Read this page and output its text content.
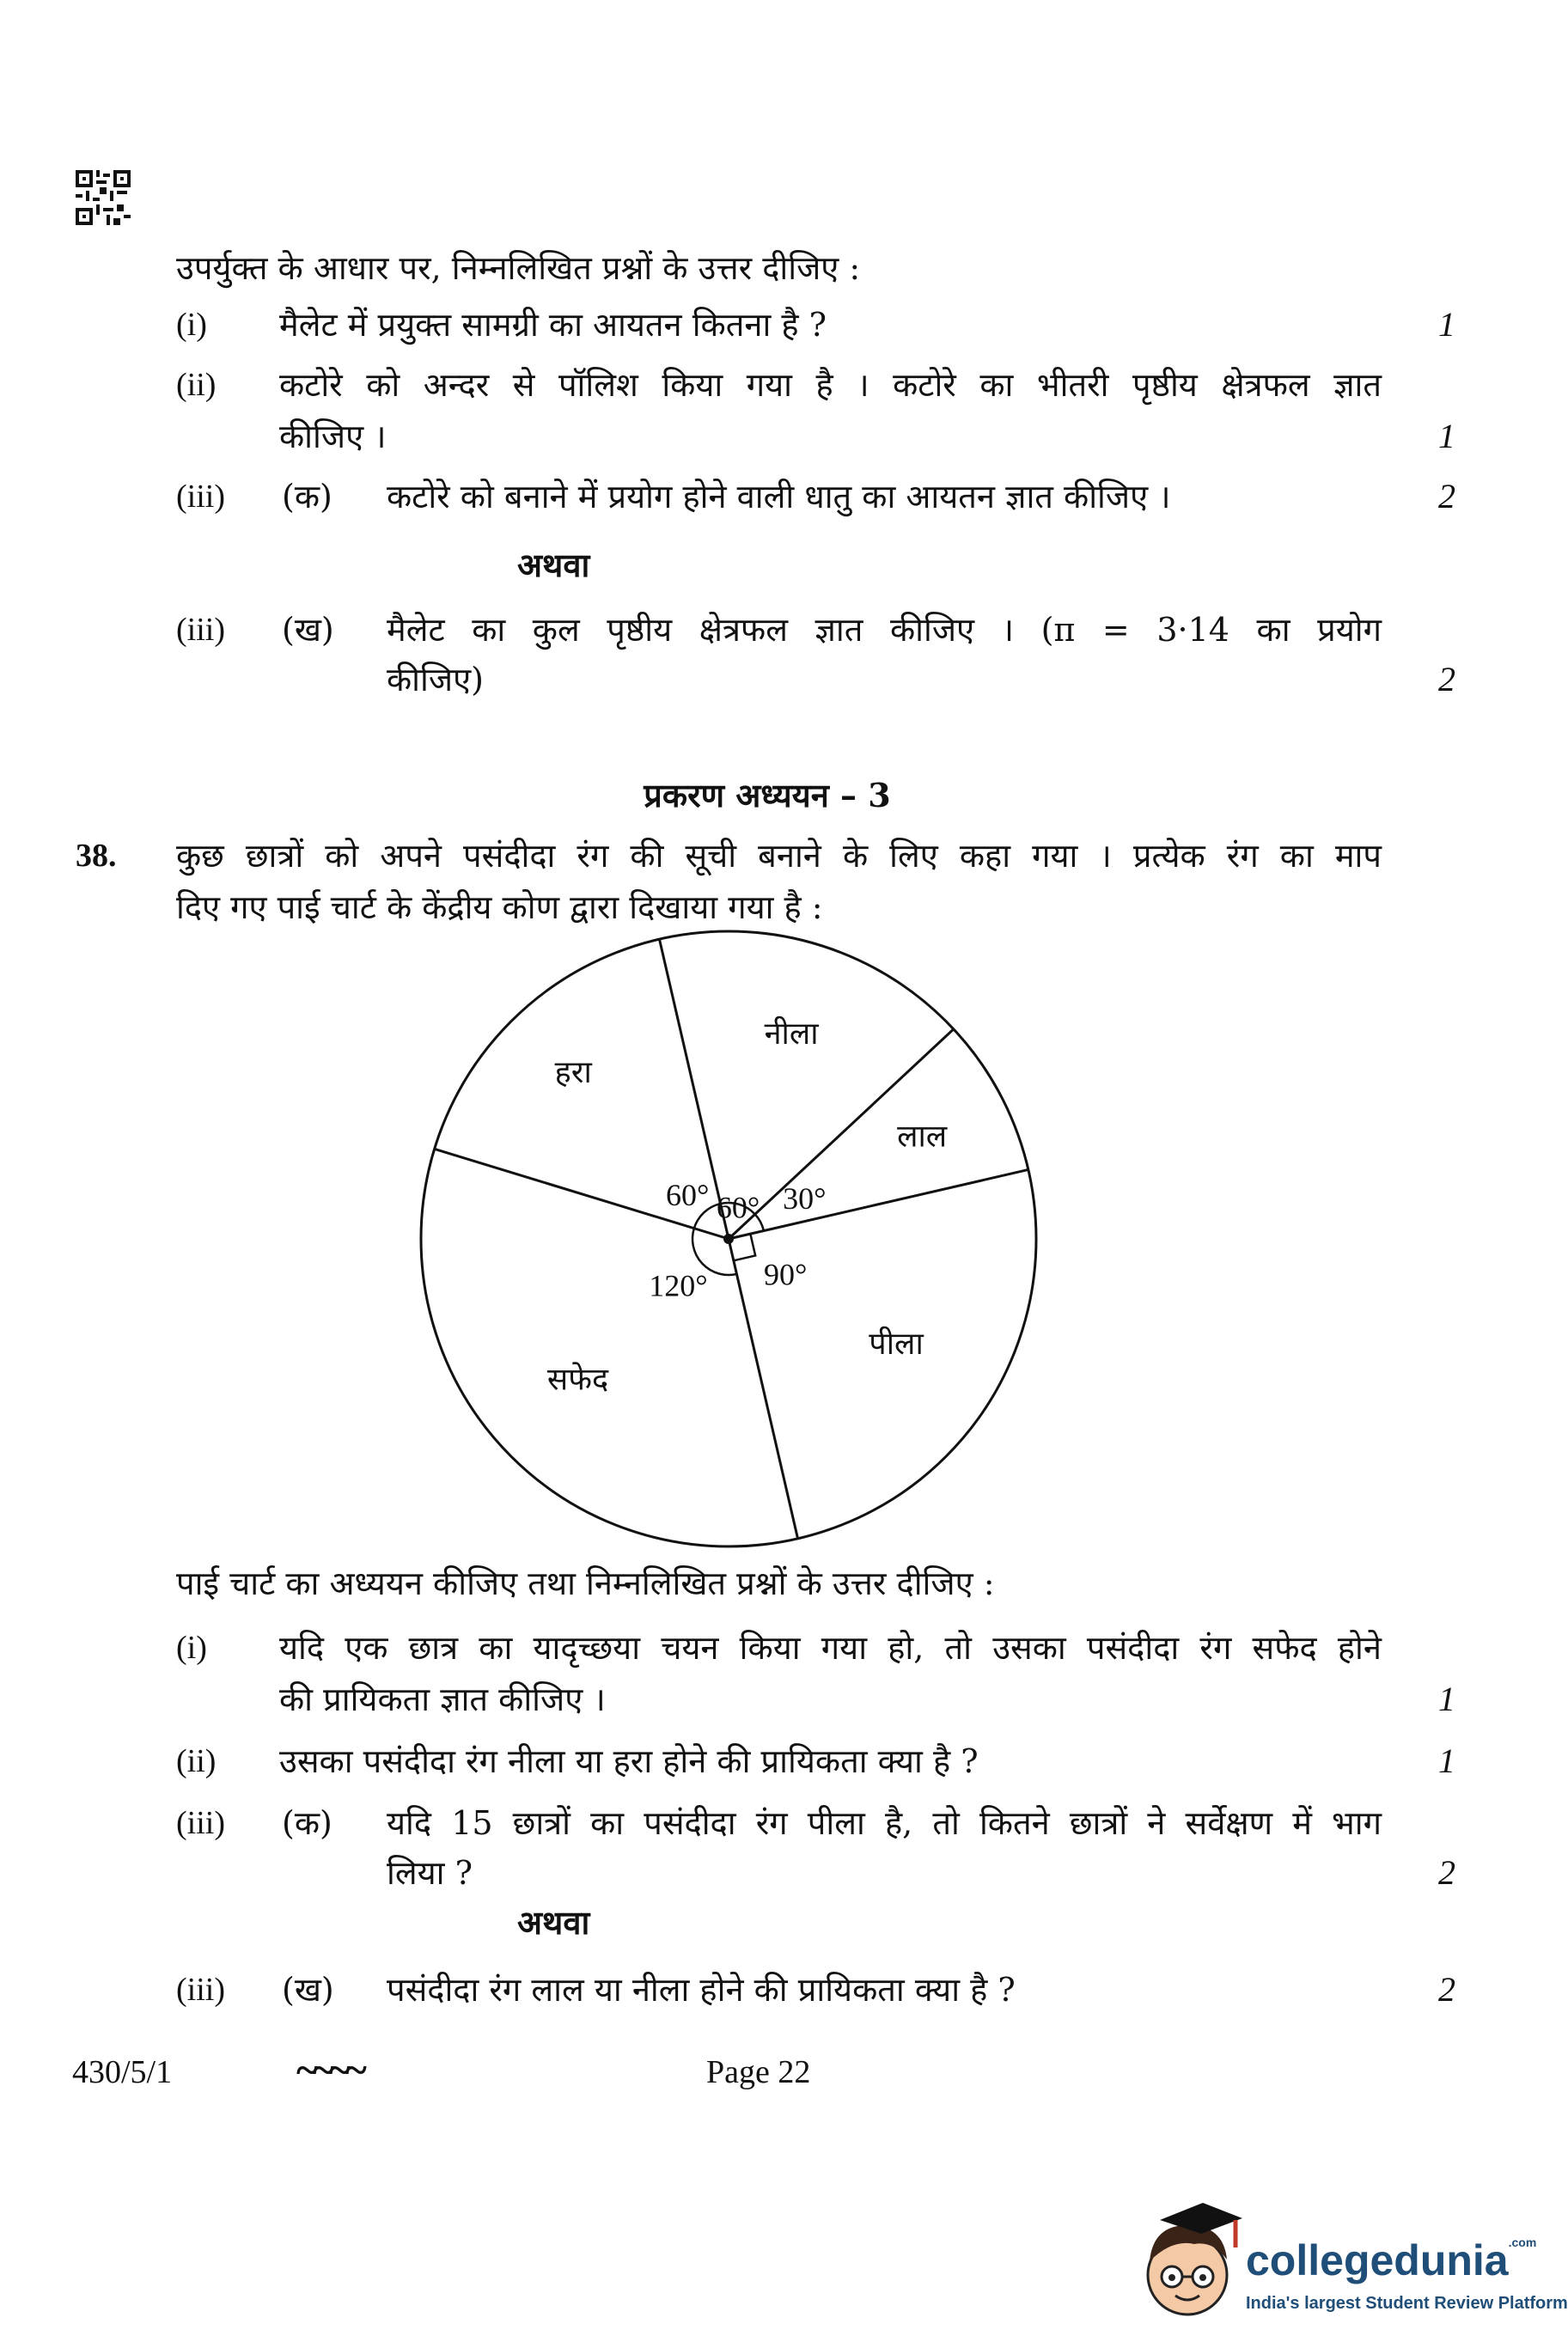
उपर्युक्त के आधार पर, निम्नलिखित प्रश्नों के उत्तर दीजिए :
(i) मैलेट में प्रयुक्त सामग्री का आयतन कितना है ?	1
(ii) कटोरे को अन्दर से पॉलिश किया गया है । कटोरे का भीतरी पृष्ठीय क्षेत्रफल ज्ञात
कीजिए ।	1
(iii) (क) कटोरे को बनाने में प्रयोग होने वाली धातु का आयतन ज्ञात कीजिए ।	2
अथवा
(iii) (ख) मैलेट का कुल पृष्ठीय क्षेत्रफल ज्ञात कीजिए । (π = 3·14 का प्रयोग
कीजिए)	2
प्रकरण अध्ययन – 3
38. कुछ छात्रों को अपने पसंदीदा रंग की सूची बनाने के लिए कहा गया । प्रत्येक रंग का माप
दिए गए पाई चार्ट के केंद्रीय कोण द्वारा दिखाया गया है :
नीला
लाल
पीला
सफेद
हरा
60° 30°
90°
120°
60°
पाई चार्ट का अध्ययन कीजिए तथा निम्नलिखित प्रश्नों के उत्तर दीजिए :
(i) यदि एक छात्र का यादृच्छया चयन किया गया हो, तो उसका पसंदीदा रंग सफेद होने
की प्रायिकता ज्ञात कीजिए ।	1
(ii) उसका पसंदीदा रंग नीला या हरा होने की प्रायिकता क्या है ?	1
(iii) (क) यदि 15 छात्रों का पसंदीदा रंग पीला है, तो कितने छात्रों ने सर्वेक्षण में भाग
लिया ?	2
अथवा
(iii) (ख) पसंदीदा रंग लाल या नीला होने की प्रायिकता क्या है ?	2
430/5/1	~~~~	Page 22
collegedunia.com
India's largest Student Review Platform
